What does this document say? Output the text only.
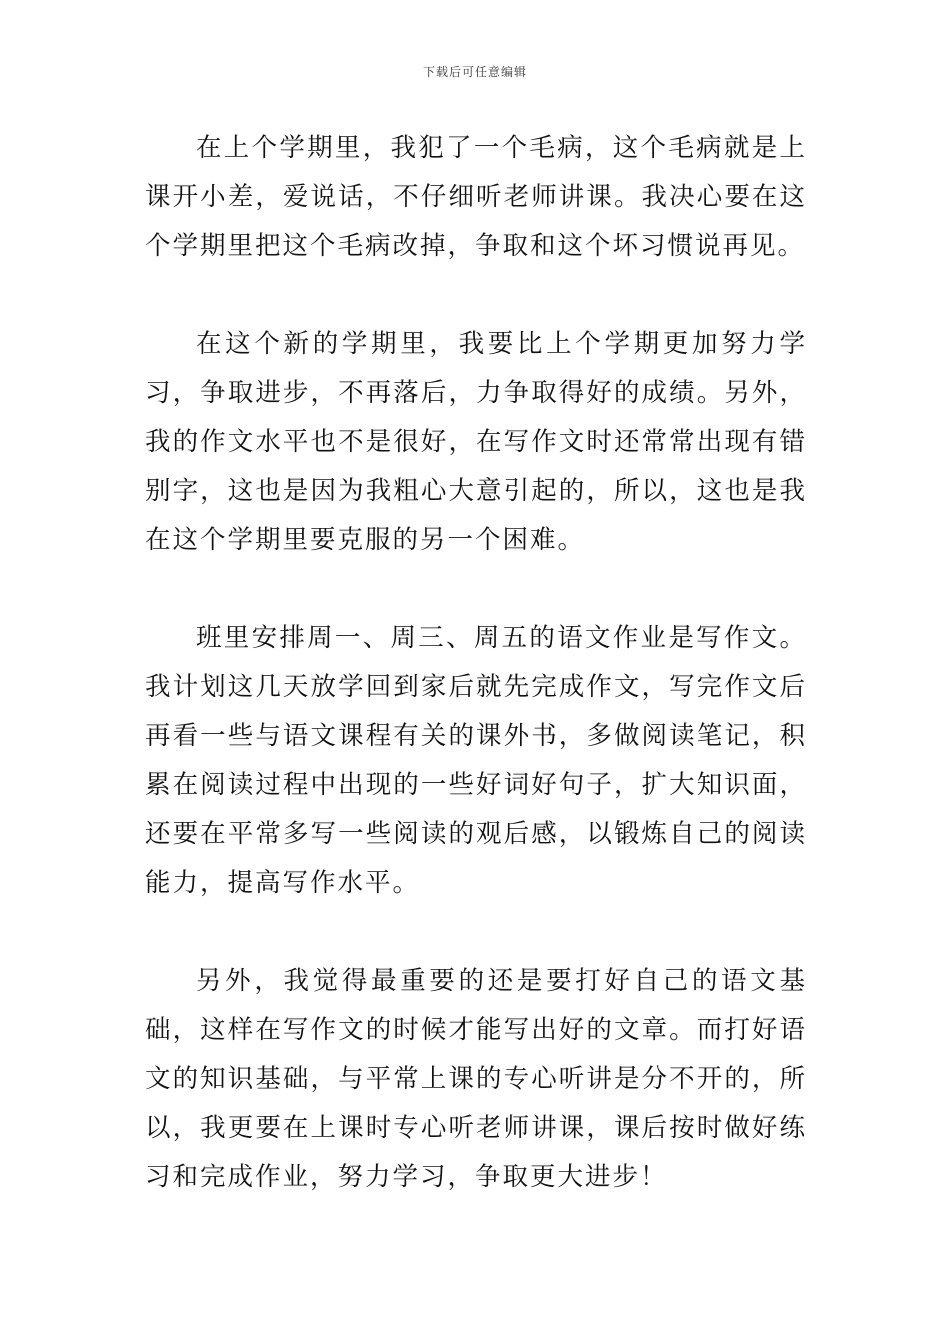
下载后可任意编辑

在上个学期里，我犯了一个毛病，这个毛病就是上课开小差，爱说话，不仔细听老师讲课。我决心要在这个学期里把这个毛病改掉，争取和这个坏习惯说再见。

在这个新的学期里，我要比上个学期更加努力学习，争取进步，不再落后，力争取得好的成绩。另外，我的作文水平也不是很好，在写作文时还常常出现有错别字，这也是因为我粗心大意引起的，所以，这也是我在这个学期里要克服的另一个困难。

班里安排周一、周三、周五的语文作业是写作文。我计划这几天放学回到家后就先完成作文，写完作文后再看一些与语文课程有关的课外书，多做阅读笔记，积累在阅读过程中出现的一些好词好句子，扩大知识面，还要在平常多写一些阅读的观后感，以锻炼自己的阅读能力，提高写作水平。

另外，我觉得最重要的还是要打好自己的语文基础，这样在写作文的时候才能写出好的文章。而打好语文的知识基础，与平常上课的专心听讲是分不开的，所以，我更要在上课时专心听老师讲课，课后按时做好练习和完成作业，努力学习，争取更大进步！
